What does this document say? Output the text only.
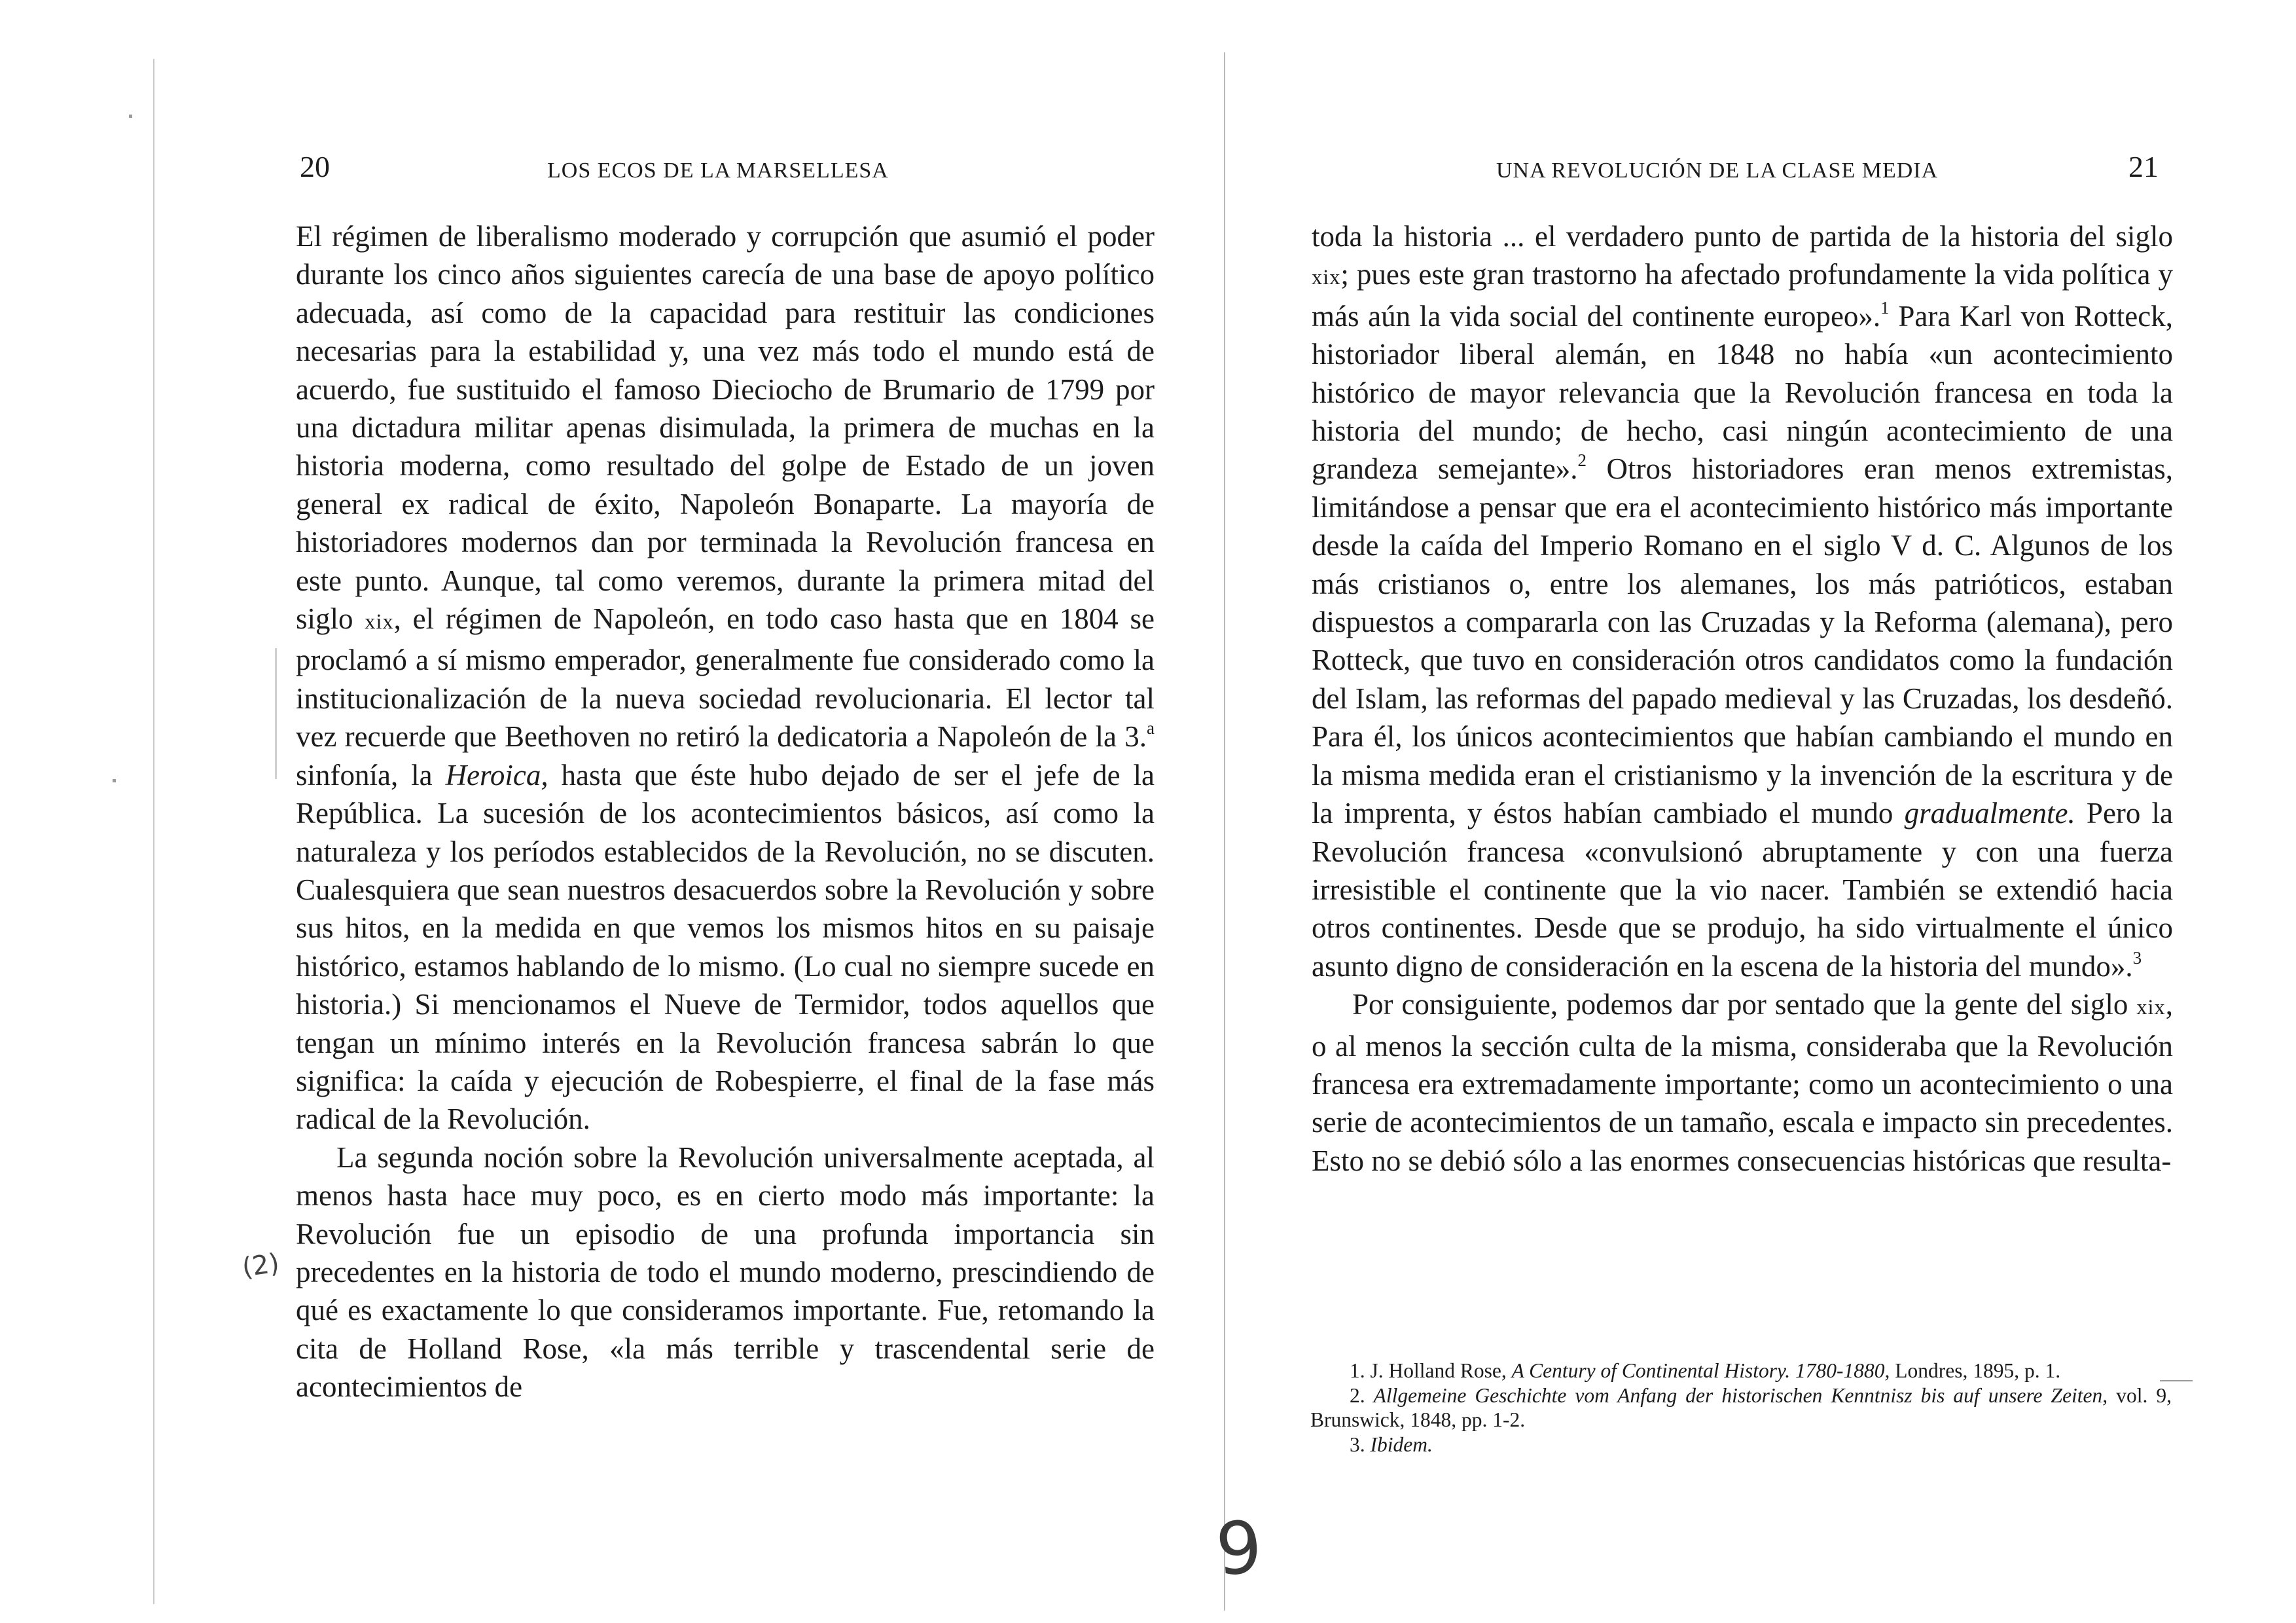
20	LOS ECOS DE LA MARSELLESA

El régimen de liberalismo moderado y corrupción que asumió el poder durante los cinco años siguientes carecía de una base de apoyo político adecuada, así como de la capacidad para restituir las condiciones necesarias para la estabilidad y, una vez más todo el mundo está de acuerdo, fue sustituido el famoso Dieciocho de Brumario de 1799 por una dictadura militar apenas disimulada, la primera de muchas en la historia moderna, como resultado del golpe de Estado de un joven general ex radical de éxito, Napoleón Bonaparte. La mayoría de historiadores modernos dan por terminada la Revolución francesa en este punto. Aunque, tal como veremos, durante la primera mitad del siglo xix, el régimen de Napoleón, en todo caso hasta que en 1804 se proclamó a sí mismo emperador, generalmente fue considerado como la institucionalización de la nueva sociedad revolucionaria. El lector tal vez recuerde que Beethoven no retiró la dedicatoria a Napoleón de la 3.$^a$ sinfonía, la Heroica, hasta que éste hubo dejado de ser el jefe de la República. La sucesión de los acontecimientos básicos, así como la naturaleza y los períodos establecidos de la Revolución, no se discuten. Cualesquiera que sean nuestros desacuerdos sobre la Revolución y sobre sus hitos, en la medida en que vemos los mismos hitos en su paisaje histórico, estamos hablando de lo mismo. (Lo cual no siempre sucede en historia.) Si mencionamos el Nueve de Termidor, todos aquellos que tengan un mínimo interés en la Revolución francesa sabrán lo que significa: la caída y ejecución de Robespierre, el final de la fase más radical de la Revolución.

La segunda noción sobre la Revolución universalmente aceptada, al menos hasta hace muy poco, es en cierto modo más importante: la Revolución fue un episodio de una profunda importancia sin precedentes en la historia de todo el mundo moderno, prescindiendo de qué es exactamente lo que consideramos importante. Fue, retomando la cita de Holland Rose, «la más terrible y trascendental serie de acontecimientos de

(2)
UNA REVOLUCIÓN DE LA CLASE MEDIA	21

toda la historia ... el verdadero punto de partida de la historia del siglo xix; pues este gran trastorno ha afectado profundamente la vida política y más aún la vida social del continente europeo».$^1$ Para Karl von Rotteck, historiador liberal alemán, en 1848 no había «un acontecimiento histórico de mayor relevancia que la Revolución francesa en toda la historia del mundo; de hecho, casi ningún acontecimiento de una grandeza semejante».$^2$ Otros historiadores eran menos extremistas, limitándose a pensar que era el acontecimiento histórico más importante desde la caída del Imperio Romano en el siglo V d. C. Algunos de los más cristianos o, entre los alemanes, los más patrióticos, estaban dispuestos a compararla con las Cruzadas y la Reforma (alemana), pero Rotteck, que tuvo en consideración otros candidatos como la fundación del Islam, las reformas del papado medieval y las Cruzadas, los desdeñó. Para él, los únicos acontecimientos que habían cambiando el mundo en la misma medida eran el cristianismo y la invención de la escritura y de la imprenta, y éstos habían cambiado el mundo gradualmente. Pero la Revolución francesa «convulsionó abruptamente y con una fuerza irresistible el continente que la vio nacer. También se extendió hacia otros continentes. Desde que se produjo, ha sido virtualmente el único asunto digno de consideración en la escena de la historia del mundo».$^3$

Por consiguiente, podemos dar por sentado que la gente del siglo xix, o al menos la sección culta de la misma, consideraba que la Revolución francesa era extremadamente importante; como un acontecimiento o una serie de acontecimientos de un tamaño, escala e impacto sin precedentes. Esto no se debió sólo a las enormes consecuencias históricas que resulta-

9

1. J. Holland Rose, A Century of Continental History. 1780-1880, Londres, 1895, p. 1.

2. Allgemeine Geschichte vom Anfang der historischen Kenntnisz bis auf unsere Zeiten, vol. 9, Brunswick, 1848, pp. 1-2.

3. Ibidem.
